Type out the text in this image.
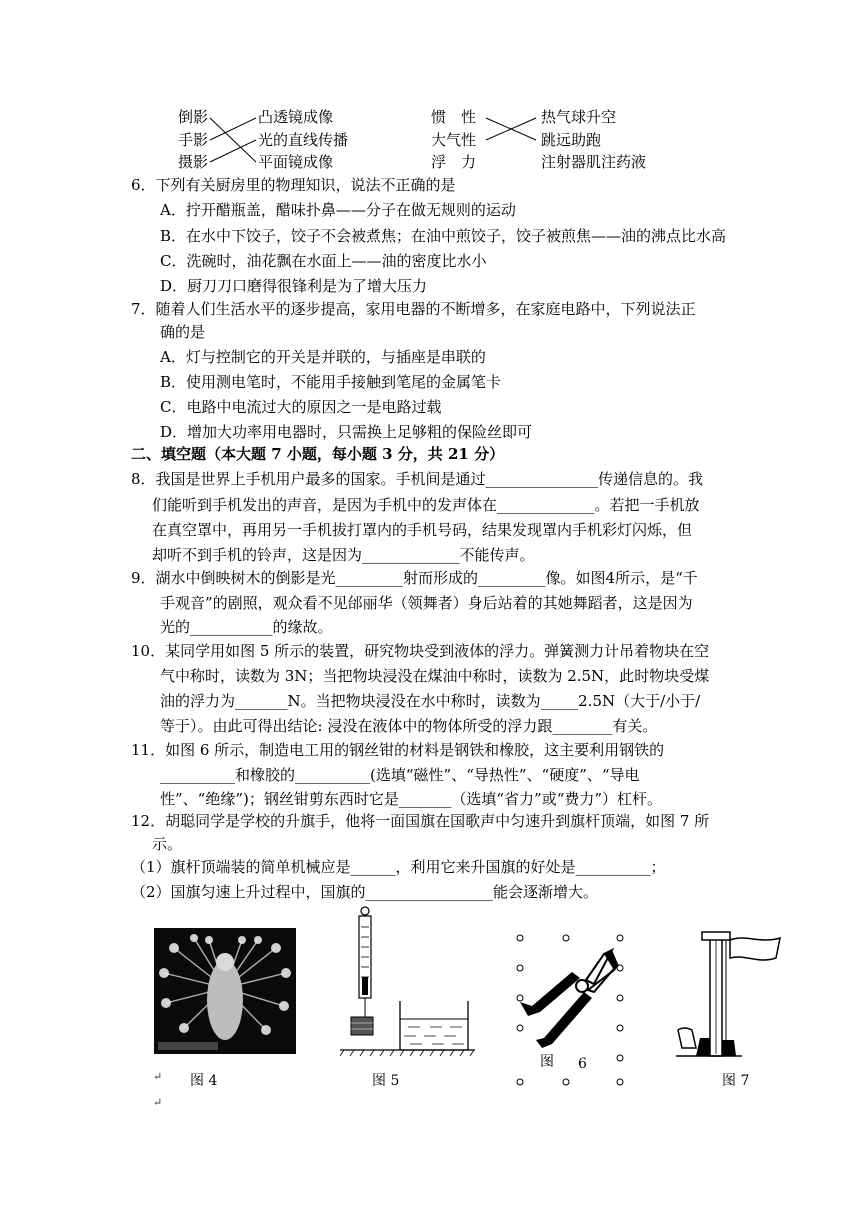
倒影
手影
摄影
凸透镜成像
光的直线传播
平面镜成像
惯　性
大气性
浮　力
热气球升空
跳远助跑
注射器肌注药液
6．下列有关厨房里的物理知识，说法不正确的是
A．拧开醋瓶盖，醋味扑鼻——分子在做无规则的运动
B．在水中下饺子，饺子不会被煮焦；在油中煎饺子，饺子被煎焦——油的沸点比水高
C．洗碗时，油花飘在水面上——油的密度比水小
D．厨刀刀口磨得很锋利是为了增大压力
7．随着人们生活水平的逐步提高，家用电器的不断增多，在家庭电路中，下列说法正
确的是
A．灯与控制它的开关是并联的，与插座是串联的
B．使用测电笔时，不能用手接触到笔尾的金属笔卡
C．电路中电流过大的原因之一是电路过载
D．增加大功率用电器时，只需换上足够粗的保险丝即可
二、填空题（本大题 7 小题，每小题 3 分，共 21 分）
8．我国是世界上手机用户最多的国家。手机间是通过_______________传递信息的。我
们能听到手机发出的声音，是因为手机中的发声体在_____________。若把一手机放
在真空罩中，再用另一手机拔打罩内的手机号码，结果发现罩内手机彩灯闪烁，但
却听不到手机的铃声，这是因为_____________不能传声。
9．湖水中倒映树木的倒影是光_________射而形成的_________像。如图4所示，是“千
手观音”的剧照，观众看不见邰丽华（领舞者）身后站着的其她舞蹈者，这是因为
光的___________的缘故。
10．某同学用如图 5 所示的装置，研究物块受到液体的浮力。弹簧测力计吊着物块在空
气中称时，读数为 3N；当把物块浸没在煤油中称时，读数为 2.5N，此时物块受煤
油的浮力为_______N。当把物块浸没在水中称时，读数为_____2.5N（大于/小于/
等于）。由此可得出结论: 浸没在液体中的物体所受的浮力跟________有关。
11．如图 6 所示，制造电工用的钢丝钳的材料是钢铁和橡胶，这主要利用钢铁的
__________和橡胶的__________(选填“磁性”、“导热性”、“硬度”、“导电
性”、“绝缘”)；钢丝钳剪东西时它是_______（选填“省力”或“费力”）杠杆。
12．胡聪同学是学校的升旗手，他将一面国旗在国歌声中匀速升到旗杆顶端，如图 7 所
示。
（1）旗杆顶端装的简单机械应是______，利用它来升国旗的好处是__________；
（2）国旗匀速上升过程中，国旗的_________________能会逐渐增大。
↵ 图 4
↵
图 5
图 6
图 7
